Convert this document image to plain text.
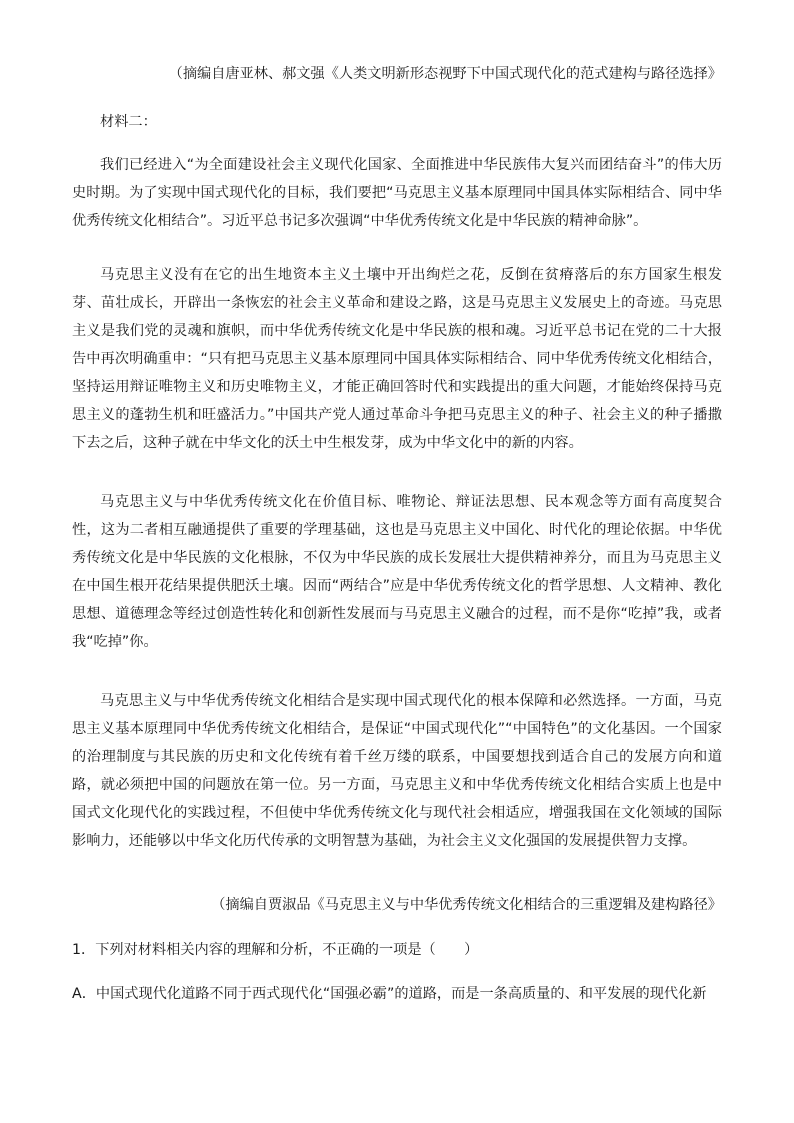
（摘编自唐亚林、郝文强《人类文明新形态视野下中国式现代化的范式建构与路径选择》

材料二：

我们已经进入“为全面建设社会主义现代化国家、全面推进中华民族伟大复兴而团结奋斗”的伟大历史时期。为了实现中国式现代化的目标，我们要把“马克思主义基本原理同中国具体实际相结合、同中华优秀传统文化相结合”。习近平总书记多次强调“中华优秀传统文化是中华民族的精神命脉”。

马克思主义没有在它的出生地资本主义土壤中开出绚烂之花，反倒在贫瘠落后的东方国家生根发芽、苗壮成长，开辟出一条恢宏的社会主义革命和建设之路，这是马克思主义发展史上的奇迹。马克思主义是我们党的灵魂和旗帜，而中华优秀传统文化是中华民族的根和魂。习近平总书记在党的二十大报告中再次明确重申：“只有把马克思主义基本原理同中国具体实际相结合、同中华优秀传统文化相结合，坚持运用辩证唯物主义和历史唯物主义，才能正确回答时代和实践提出的重大问题，才能始终保持马克思主义的蓬勃生机和旺盛活力。”中国共产党人通过革命斗争把马克思主义的种子、社会主义的种子播撒下去之后，这种子就在中华文化的沃土中生根发芽，成为中华文化中的新的内容。

马克思主义与中华优秀传统文化在价值目标、唯物论、辩证法思想、民本观念等方面有高度契合性，这为二者相互融通提供了重要的学理基础，这也是马克思主义中国化、时代化的理论依据。中华优秀传统文化是中华民族的文化根脉，不仅为中华民族的成长发展壮大提供精神养分，而且为马克思主义在中国生根开花结果提供肥沃土壤。因而“两结合”应是中华优秀传统文化的哲学思想、人文精神、教化思想、道德理念等经过创造性转化和创新性发展而与马克思主义融合的过程，而不是你“吃掉”我，或者我“吃掉”你。

马克思主义与中华优秀传统文化相结合是实现中国式现代化的根本保障和必然选择。一方面，马克思主义基本原理同中华优秀传统文化相结合，是保证“中国式现代化”“中国特色”的文化基因。一个国家的治理制度与其民族的历史和文化传统有着千丝万缕的联系，中国要想找到适合自己的发展方向和道路，就必须把中国的问题放在第一位。另一方面，马克思主义和中华优秀传统文化相结合实质上也是中国式文化现代化的实践过程，不但使中华优秀传统文化与现代社会相适应，增强我国在文化领域的国际影响力，还能够以中华文化历代传承的文明智慧为基础，为社会主义文化强国的发展提供智力支撑。

（摘编自贾淑品《马克思主义与中华优秀传统文化相结合的三重逻辑及建构路径》

1．下列对材料相关内容的理解和分析，不正确的一项是（　　）

A．中国式现代化道路不同于西式现代化“国强必霸”的道路，而是一条高质量的、和平发展的现代化新
